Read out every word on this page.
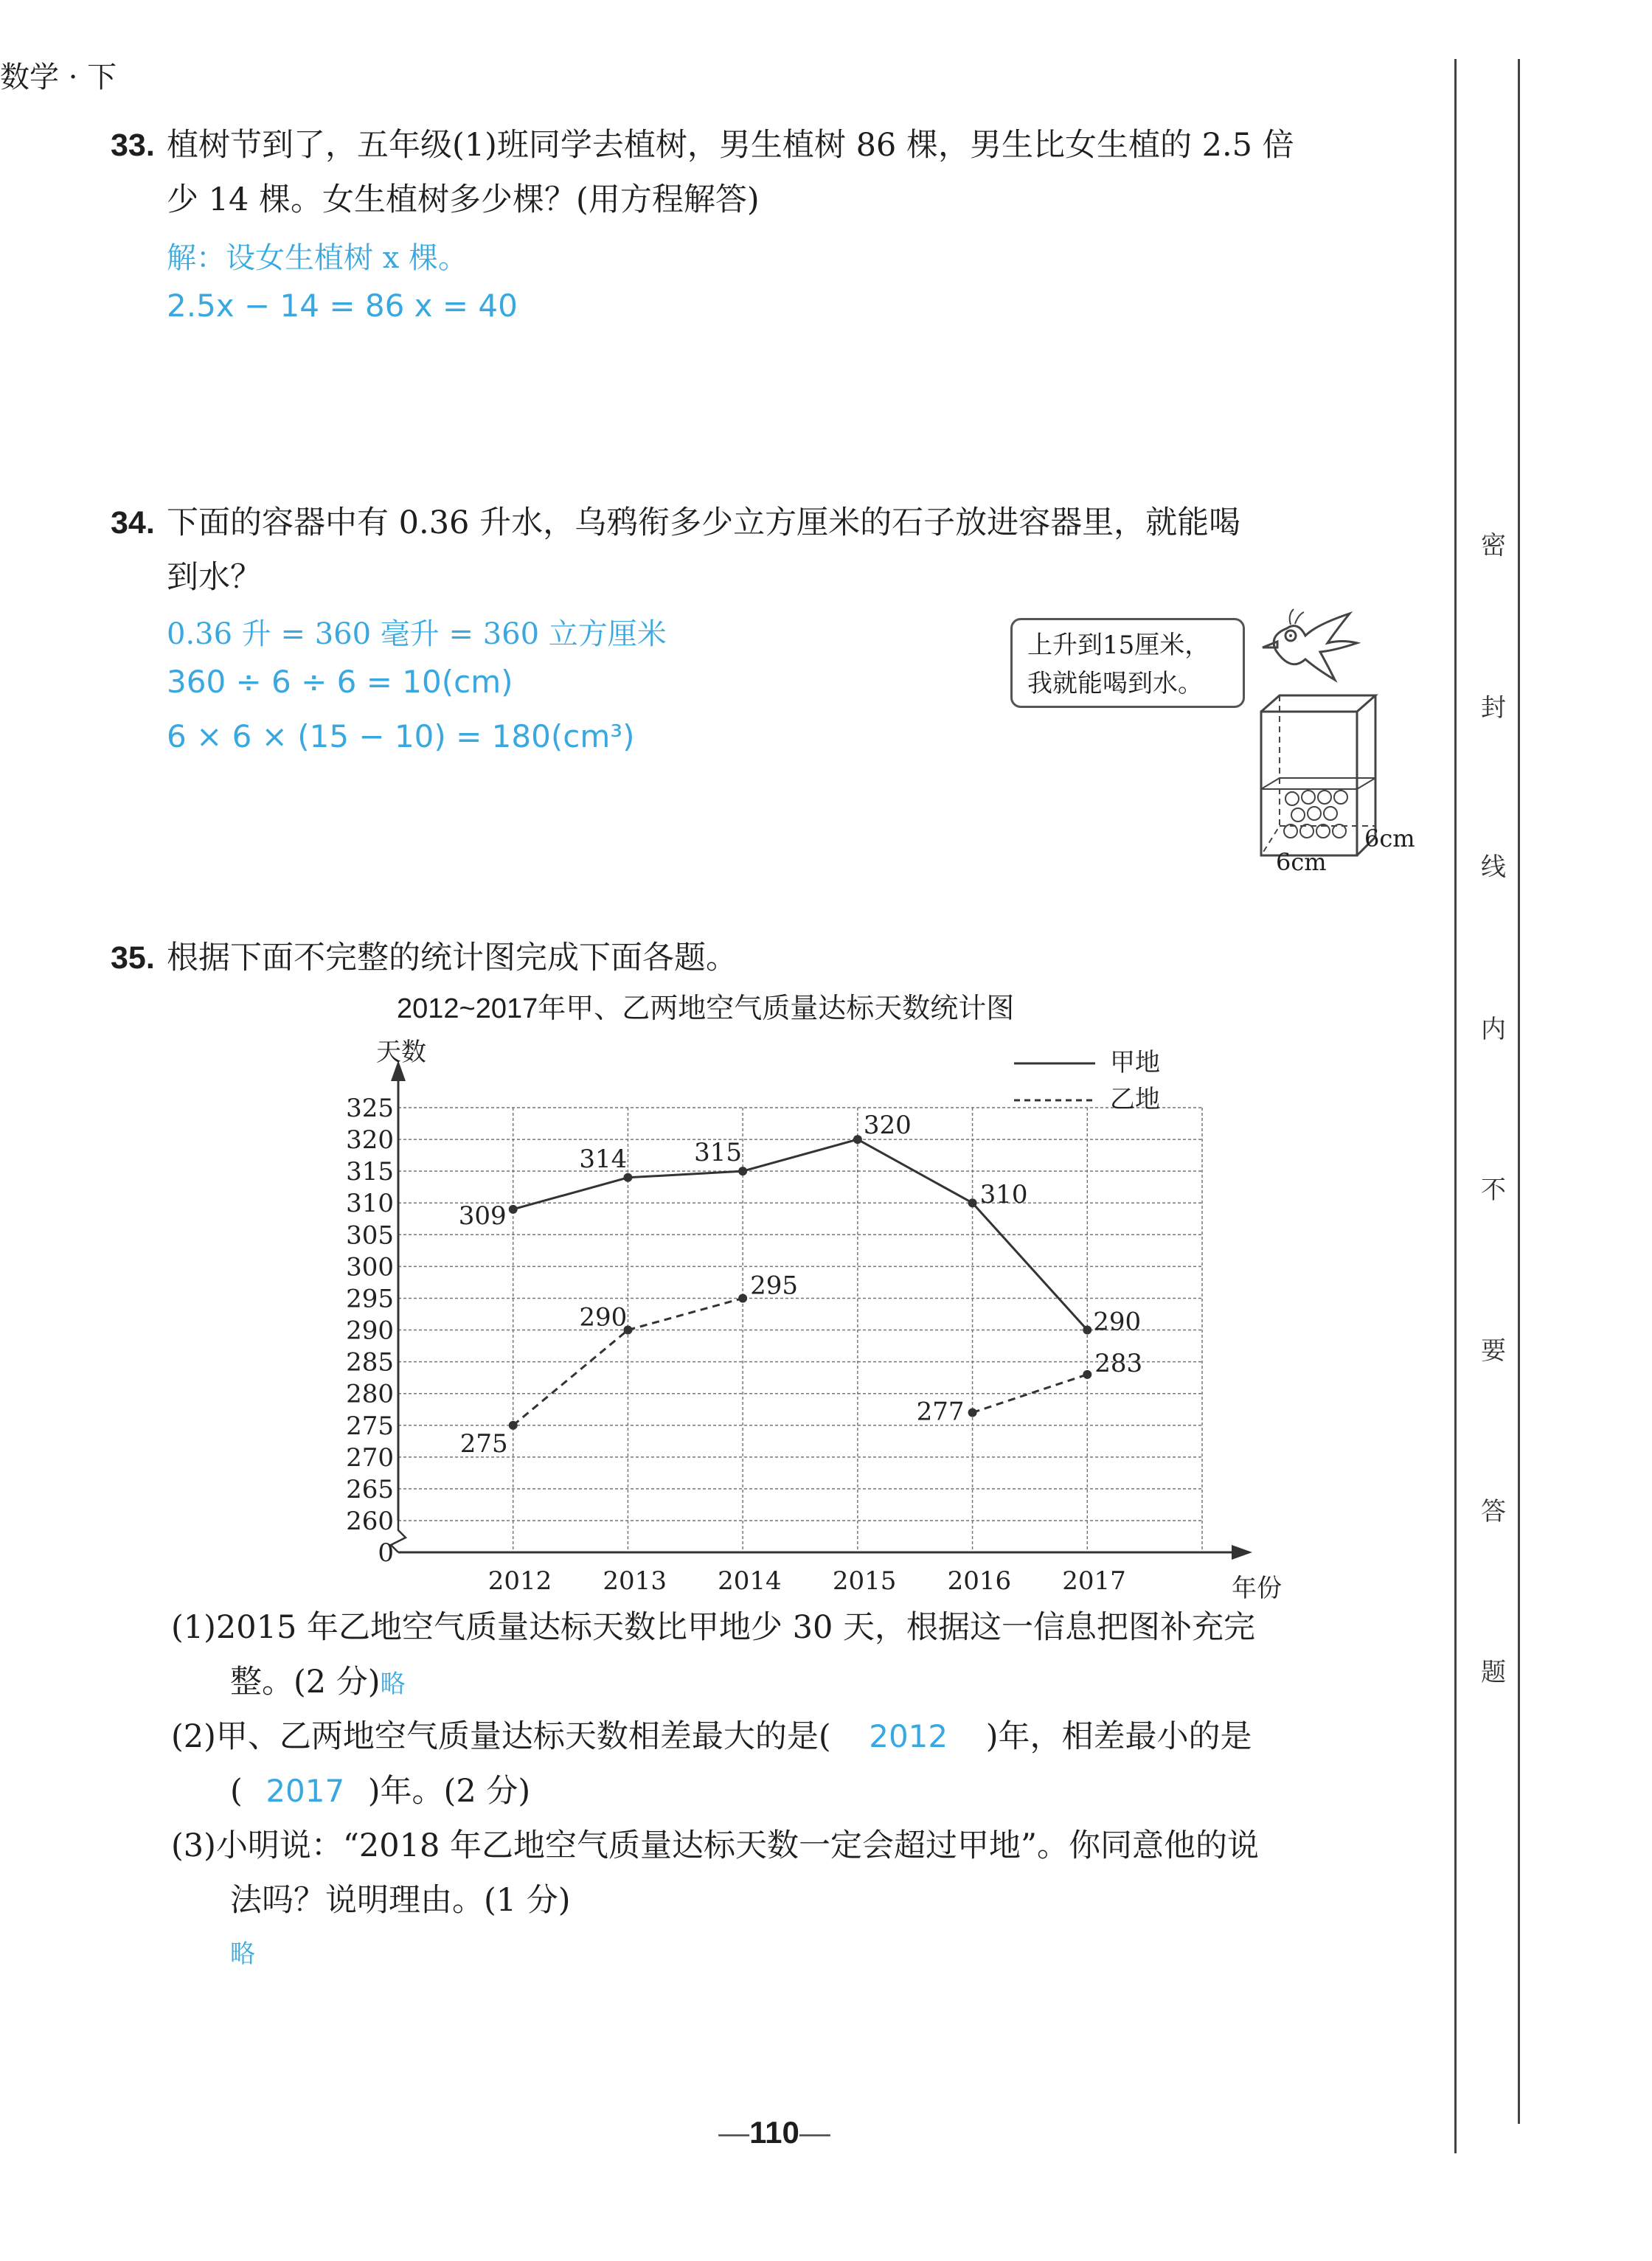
数学 · 下
密
封
线
内
不
要
答
题
33. 植树节到了，五年级(1)班同学去植树，男生植树 86 棵，男生比女生植的 2.5 倍
少 14 棵。女生植树多少棵？(用方程解答)
解：设女生植树 x 棵。
2.5x − 14 = 86 x = 40
34. 下面的容器中有 0.36 升水，乌鸦衔多少立方厘米的石子放进容器里，就能喝
到水？
0.36 升 = 360 毫升 = 360 立方厘米
360 ÷ 6 ÷ 6 = 10(cm)
6 × 6 × (15 − 10) = 180(cm³)
上升到15厘米，
我就能喝到水。
6cm
6cm
35. 根据下面不完整的统计图完成下面各题。
2012~2017年甲、乙两地空气质量达标天数统计图
0
260
265
270
275
280
285
290
295
300
305
310
315
320
325
天数
年份
2012 2013 2014 2015 2016 2017
309
314	315
320
310
290
275
290
295
277
283
甲地
乙地
(1)2015 年乙地空气质量达标天数比甲地少 30 天，根据这一信息把图补充完
整。(2 分)略
(2)甲、乙两地空气质量达标天数相差最大的是( 2012 )年，相差最小的是
( 2017 )年。(2 分)
(3)小明说：“2018 年乙地空气质量达标天数一定会超过甲地”。你同意他的说
法吗？说明理由。(1 分)
略
—110—
